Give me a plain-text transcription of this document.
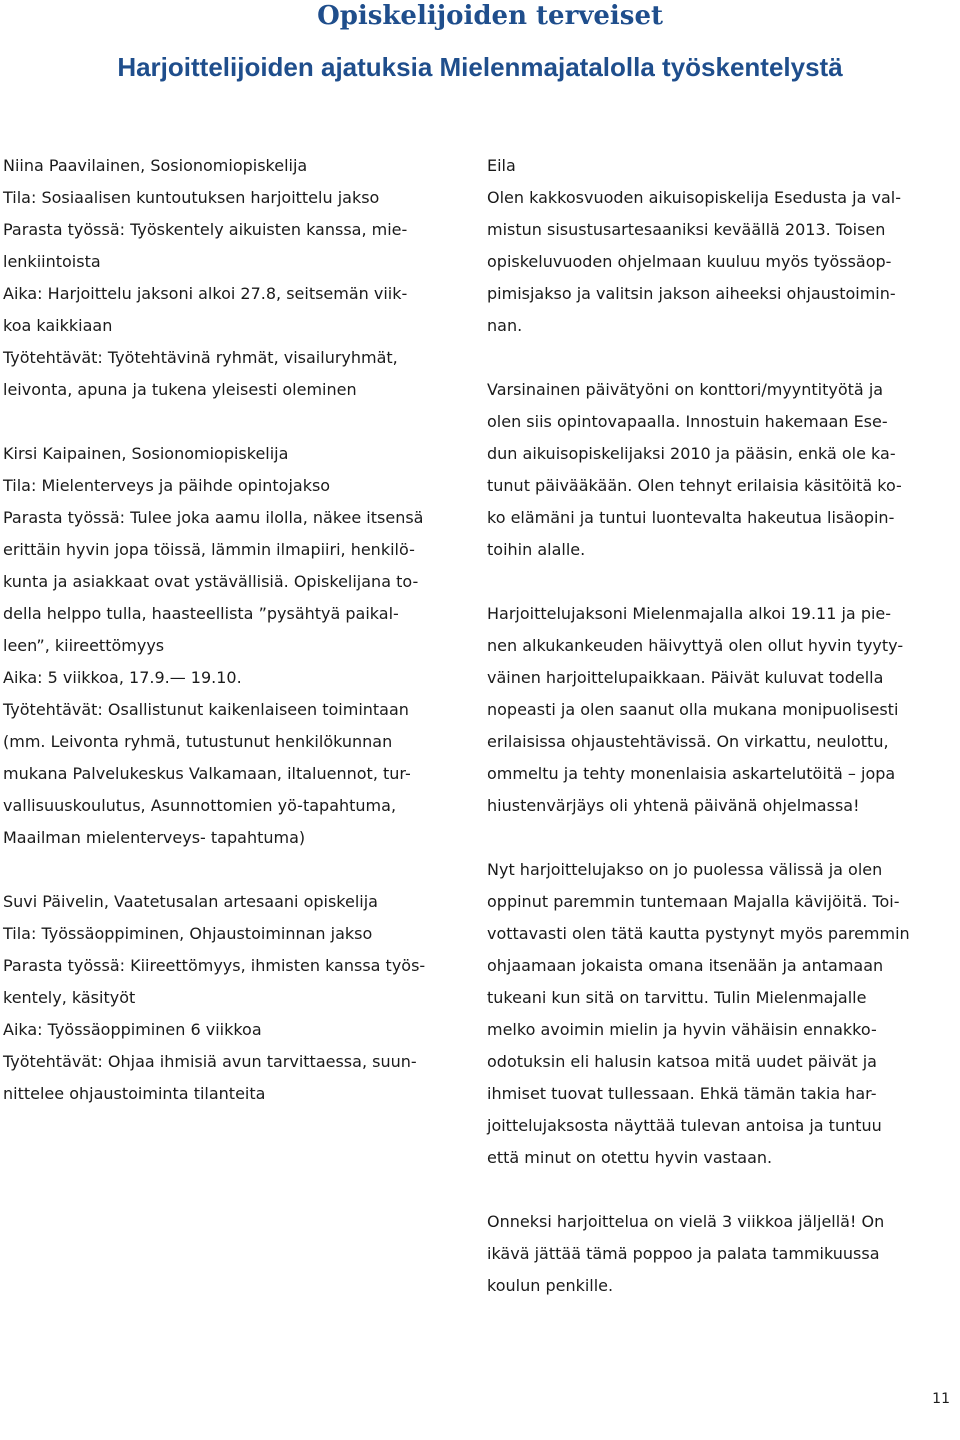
Opiskelijoiden terveiset
Harjoittelijoiden ajatuksia Mielenmajatalolla työskentelystä
Niina Paavilainen, Sosionomiopiskelija
Tila: Sosiaalisen kuntoutuksen harjoittelu jakso
Parasta työssä: Työskentely aikuisten kanssa, mie-
lenkiintoista
Aika: Harjoittelu jaksoni alkoi 27.8, seitsemän viik-
koa kaikkiaan
Työtehtävät: Työtehtävinä ryhmät, visailuryhmät,
leivonta, apuna ja tukena yleisesti oleminen
Kirsi Kaipainen, Sosionomiopiskelija
Tila: Mielenterveys ja päihde opintojakso
Parasta työssä: Tulee joka aamu ilolla, näkee itsensä
erittäin hyvin jopa töissä, lämmin ilmapiiri, henkilö-
kunta ja asiakkaat ovat ystävällisiä. Opiskelijana to-
della helppo tulla, haasteellista ”pysähtyä paikal-
leen”, kiireettömyys
Aika: 5 viikkoa, 17.9.— 19.10.
Työtehtävät: Osallistunut kaikenlaiseen toimintaan
(mm. Leivonta ryhmä, tutustunut henkilökunnan
mukana Palvelukeskus Valkamaan, iltaluennot, tur-
vallisuuskoulutus, Asunnottomien yö-tapahtuma,
Maailman mielenterveys- tapahtuma)
Suvi Päivelin, Vaatetusalan artesaani opiskelija
Tila: Työssäoppiminen, Ohjaustoiminnan jakso
Parasta työssä: Kiireettömyys, ihmisten kanssa työs-
kentely, käsityöt
Aika: Työssäoppiminen 6 viikkoa
Työtehtävät: Ohjaa ihmisiä avun tarvittaessa, suun-
nittelee ohjaustoiminta tilanteita
Eila
Olen kakkosvuoden aikuisopiskelija Esedusta ja val-
mistun sisustusartesaaniksi keväällä 2013. Toisen
opiskeluvuoden ohjelmaan kuuluu myös työssäop-
pimisjakso ja valitsin jakson aiheeksi ohjaustoimin-
nan.
Varsinainen päivätyöni on konttori/myyntityötä ja
olen siis opintovapaalla. Innostuin hakemaan Ese-
dun aikuisopiskelijaksi 2010 ja pääsin, enkä ole ka-
tunut päivääkään. Olen tehnyt erilaisia käsitöitä ko-
ko elämäni ja tuntui luontevalta hakeutua lisäopin-
toihin alalle.
Harjoittelujaksoni Mielenmajalla alkoi 19.11 ja pie-
nen alkukankeuden häivyttyä olen ollut hyvin tyyty-
väinen harjoittelupaikkaan. Päivät kuluvat todella
nopeasti ja olen saanut olla mukana monipuolisesti
erilaisissa ohjaustehtävissä. On virkattu, neulottu,
ommeltu ja tehty monenlaisia askartelutöitä – jopa
hiustenvärjäys oli yhtenä päivänä ohjelmassa!
Nyt harjoittelujakso on jo puolessa välissä ja olen
oppinut paremmin tuntemaan Majalla kävijöitä. Toi-
vottavasti olen tätä kautta pystynyt myös paremmin
ohjaamaan jokaista omana itsenään ja antamaan
tukeani kun sitä on tarvittu. Tulin Mielenmajalle
melko avoimin mielin ja hyvin vähäisin ennakko-
odotuksin eli halusin katsoa mitä uudet päivät ja
ihmiset tuovat tullessaan. Ehkä tämän takia har-
joittelujaksosta näyttää tulevan antoisa ja tuntuu
että minut on otettu hyvin vastaan.
Onneksi harjoittelua on vielä 3 viikkoa jäljellä! On
ikävä jättää tämä poppoo ja palata tammikuussa
koulun penkille.
11
